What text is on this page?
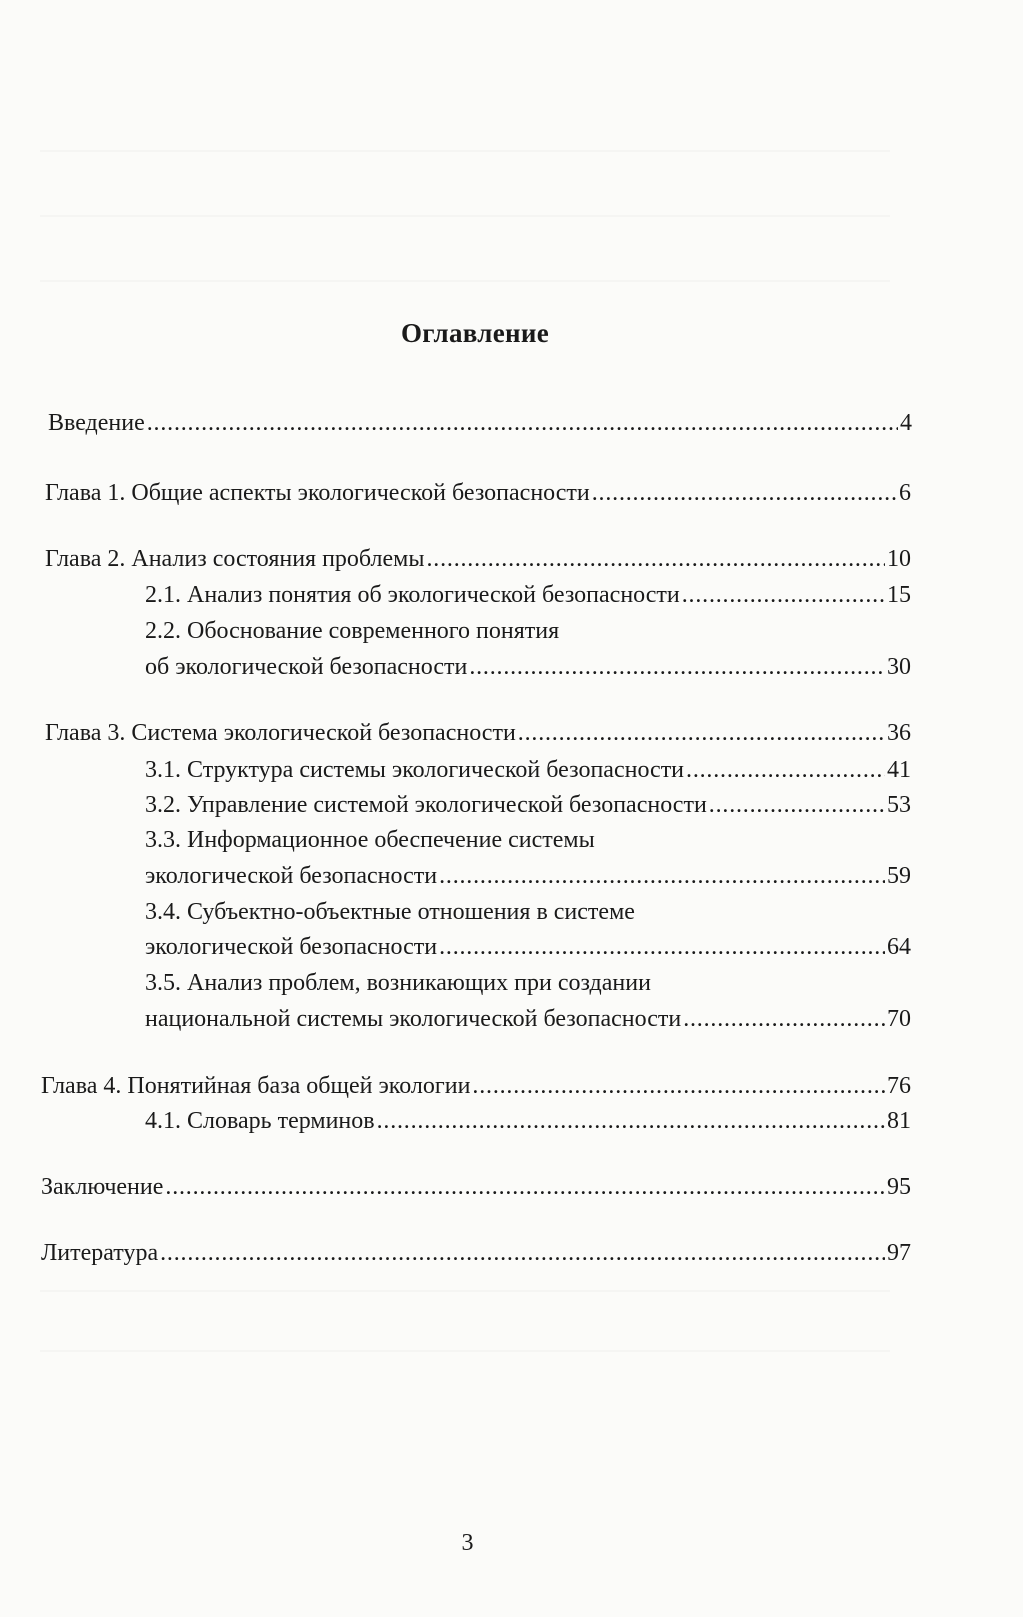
Оглавление
Введение . . .	4
Глава 1. Общие аспекты экологической безопасности . . .	6
Глава 2. Анализ состояния проблемы . . .	10
2.1. Анализ понятия об экологической безопасности . . .	15
2.2. Обоснование современного понятия
об экологической безопасности . . .	30
Глава 3. Система экологической безопасности . . .	36
3.1. Структура системы экологической безопасности . . .	41
3.2. Управление системой экологической безопасности . . .	53
3.3. Информационное обеспечение системы
экологической безопасности . . .	59
3.4. Субъектно-объектные отношения в системе
экологической безопасности . . .	64
3.5. Анализ проблем, возникающих при создании
национальной системы экологической безопасности . . .	70
Глава 4. Понятийная база общей экологии . . .	76
4.1. Словарь терминов . . .	81
Заключение . . .	95
Литература . . .	97
3
